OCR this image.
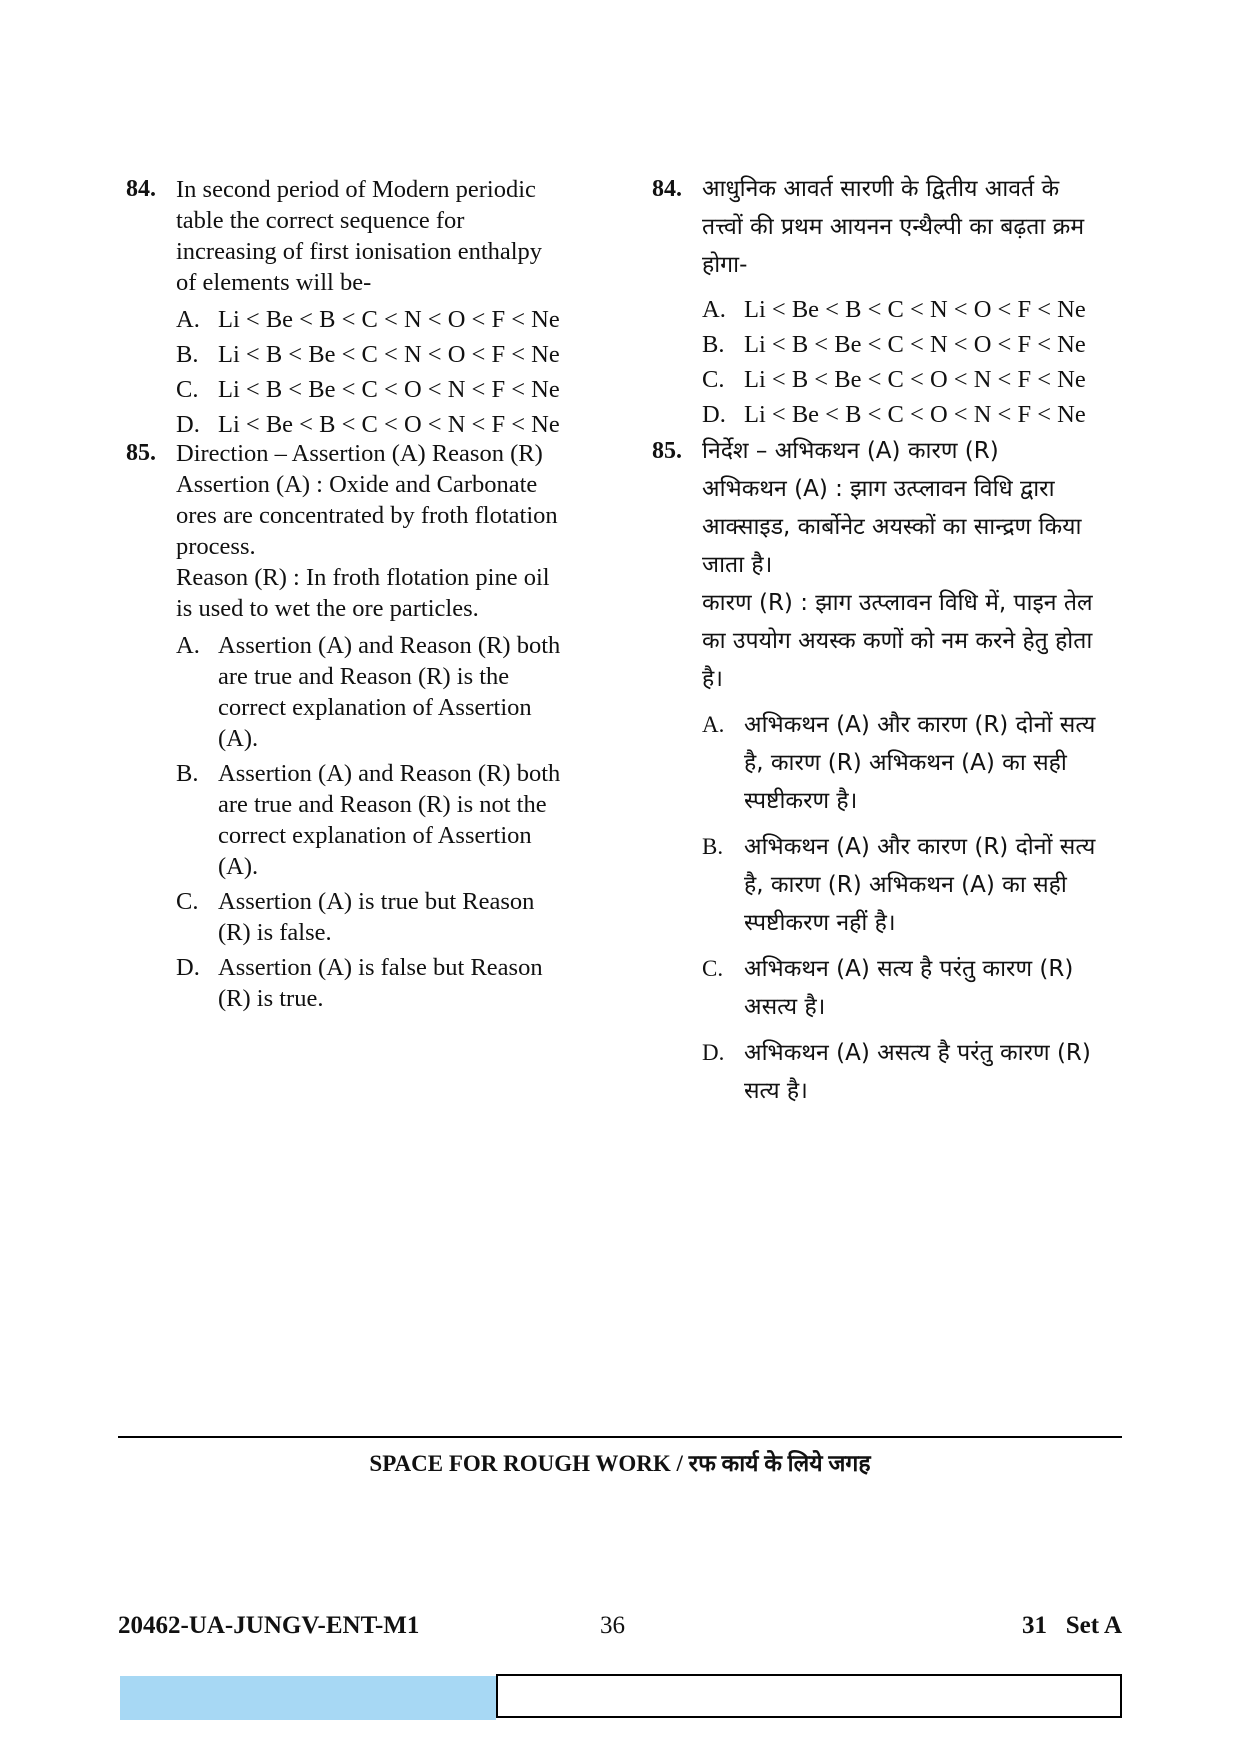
84. In second period of Modern periodic
table the correct sequence for
increasing of first ionisation enthalpy
of elements will be-
A. Li < Be < B < C < N < O < F < Ne
B. Li < B < Be < C < N < O < F < Ne
C. Li < B < Be < C < O < N < F < Ne
D. Li < Be < B < C < O < N < F < Ne
85. Direction – Assertion (A) Reason (R)
Assertion (A) : Oxide and Carbonate
ores are concentrated by froth flotation
process.
Reason (R) : In froth flotation pine oil
is used to wet the ore particles.
A. Assertion (A) and Reason (R) both
are true and Reason (R) is the
correct explanation of Assertion
(A).
B. Assertion (A) and Reason (R) both
are true and Reason (R) is not the
correct explanation of Assertion
(A).
C. Assertion (A) is true but Reason
(R) is false.
D. Assertion (A) is false but Reason
(R) is true.
84. आधुनिक आवर्त सारणी के द्वितीय आवर्त के
तत्त्वों की प्रथम आयनन एन्थैल्पी का बढ़ता क्रम
होगा-
A. Li < Be < B < C < N < O < F < Ne
B. Li < B < Be < C < N < O < F < Ne
C. Li < B < Be < C < O < N < F < Ne
D. Li < Be < B < C < O < N < F < Ne
85. निर्देश – अभिकथन (A) कारण (R)
अभिकथन (A) : झाग उत्प्लावन विधि द्वारा
आक्साइड, कार्बोनेट अयस्कों का सान्द्रण किया
जाता है।
कारण (R) : झाग उत्प्लावन विधि में, पाइन तेल
का उपयोग अयस्क कणों को नम करने हेतु होता
है।
A. अभिकथन (A) और कारण (R) दोनों सत्य
है, कारण (R) अभिकथन (A) का सही
स्पष्टीकरण है।
B. अभिकथन (A) और कारण (R) दोनों सत्य
है, कारण (R) अभिकथन (A) का सही
स्पष्टीकरण नहीं है।
C. अभिकथन (A) सत्य है परंतु कारण (R)
असत्य है।
D. अभिकथन (A) असत्य है परंतु कारण (R)
सत्य है।
SPACE FOR ROUGH WORK / रफ कार्य के लिये जगह
20462-UA-JUNGV-ENT-M1	36	31   Set A
